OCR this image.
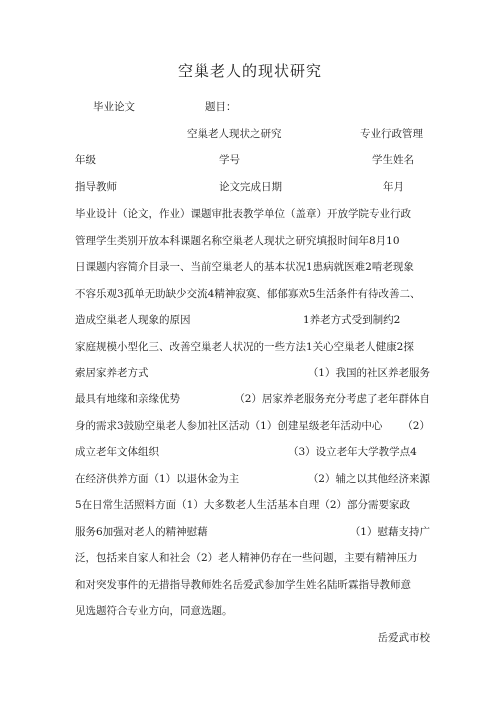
空巢老人的现状研究
毕业论文	题目：
空巢老人现状之研究	专业行政管理
年级	学号	学生姓名
指导教师	论文完成日期	年月
毕业设计（论文，作业）课题审批表教学单位（盖章）开放学院专业行政
管理学生类别开放本科课题名称空巢老人现状之研究填报时间年8月10
日课题内容简介目录一、当前空巢老人的基本状况1患病就医难2啃老现象
不容乐观3孤单无助缺少交流4精神寂寞、郁郁寡欢5生活条件有待改善二、
造成空巢老人现象的原因	1养老方式受到制约2
家庭规模小型化三、改善空巢老人状况的一些方法1关心空巢老人健康2探
索居家养老方式	（1）我国的社区养老服务
最具有地缘和亲缘优势	（2）居家养老服务充分考虑了老年群体自
身的需求3鼓励空巢老人参加社区活动（1）创建星级老年活动中心 （2）
成立老年文体组织	（3）设立老年大学教学点4
在经济供养方面（1）以退休金为主	（2）辅之以其他经济来源
5在日常生活照料方面（1）大多数老人生活基本自理（2）部分需要家政
服务6加强对老人的精神慰藉	（1）慰藉支持广
泛，包括来自家人和社会（2）老人精神仍存在一些问题，主要有精神压力
和对突发事件的无措指导教师姓名岳爱武参加学生姓名陆昕霖指导教师意
见选题符合专业方向，同意选题。
岳爱武市校
